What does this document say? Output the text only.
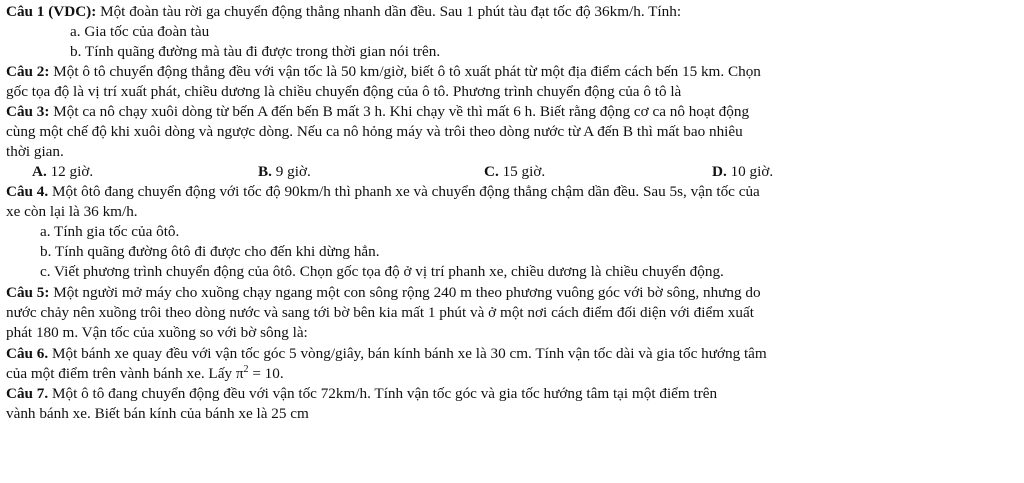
Câu 1 (VDC): Một đoàn tàu rời ga chuyển động thẳng nhanh dần đều. Sau 1 phút tàu đạt tốc độ 36km/h. Tính:
a. Gia tốc của đoàn tàu
b. Tính quãng đường mà tàu đi được trong thời gian nói trên.
Câu 2: Một ô tô chuyển động thẳng đều với vận tốc là 50 km/giờ, biết ô tô xuất phát từ một địa điểm cách bến 15 km. Chọn
gốc tọa độ là vị trí xuất phát, chiều dương là chiều chuyển động của ô tô. Phương trình chuyển động của ô tô là
Câu 3: Một ca nô chạy xuôi dòng từ bến A đến bến B mất 3 h. Khi chạy về thì mất 6 h. Biết rằng động cơ ca nô hoạt động
cùng một chế độ khi xuôi dòng và ngược dòng. Nếu ca nô hỏng máy và trôi theo dòng nước từ A đến B thì mất bao nhiêu
thời gian.
A. 12 giờ.	B. 9 giờ.	C. 15 giờ.	D. 10 giờ.
Câu 4. Một ôtô đang chuyển động với tốc độ 90km/h thì phanh xe và chuyển động thẳng chậm dần đều. Sau 5s, vận tốc của
xe còn lại là 36 km/h.
a. Tính gia tốc của ôtô.
b. Tính quãng đường ôtô đi được cho đến khi dừng hẳn.
c. Viết phương trình chuyển động của ôtô. Chọn gốc tọa độ ở vị trí phanh xe, chiều dương là chiều chuyển động.
Câu 5: Một người mở máy cho xuồng chạy ngang một con sông rộng 240 m theo phương vuông góc với bờ sông, nhưng do
nước chảy nên xuồng trôi theo dòng nước và sang tới bờ bên kia mất 1 phút và ở một nơi cách điểm đối diện với điểm xuất
phát 180 m. Vận tốc của xuồng so với bờ sông là:
Câu 6. Một bánh xe quay đều với vận tốc góc 5 vòng/giây, bán kính bánh xe là 30 cm. Tính vận tốc dài và gia tốc hướng tâm
của một điểm trên vành bánh xe. Lấy $\pi^2 = 10$.
Câu 7. Một ô tô đang chuyển động đều với vận tốc 72km/h. Tính vận tốc góc và gia tốc hướng tâm tại một điểm trên
vành bánh xe. Biết bán kính của bánh xe là 25 cm
